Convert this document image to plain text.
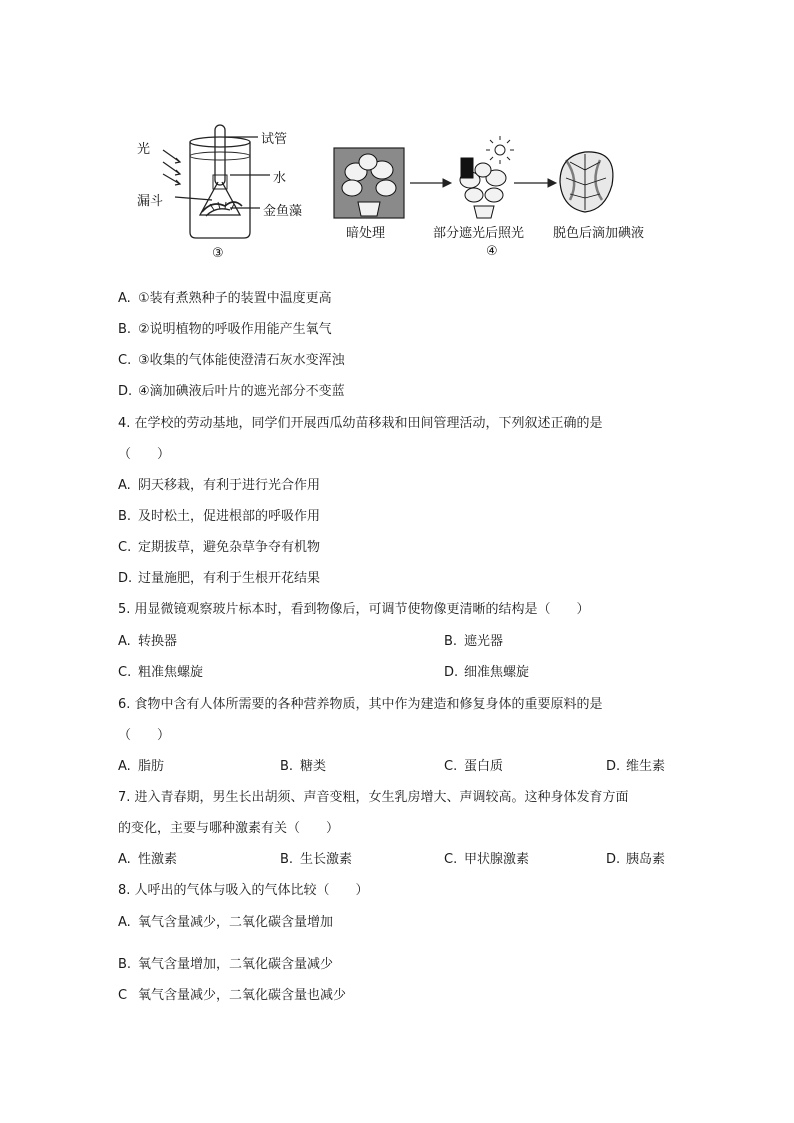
光
试管
水
漏斗
金鱼藻
③
暗处理	部分遮光后照光 脱色后滴加碘液
④
A. ①装有煮熟种子的装置中温度更高
B. ②说明植物的呼吸作用能产生氧气
C. ③收集的气体能使澄清石灰水变浑浊
D. ④滴加碘液后叶片的遮光部分不变蓝
4. 在学校的劳动基地，同学们开展西瓜幼苗移栽和田间管理活动，下列叙述正确的是
（　　）
A. 阴天移栽，有利于进行光合作用
B. 及时松土，促进根部的呼吸作用
C. 定期拔草，避免杂草争夺有机物
D. 过量施肥，有利于生根开花结果
5. 用显微镜观察玻片标本时，看到物像后，可调节使物像更清晰的结构是（　　）
A. 转换器	B. 遮光器
C. 粗准焦螺旋	D. 细准焦螺旋
6. 食物中含有人体所需要的各种营养物质，其中作为建造和修复身体的重要原料的是
（　　）
A. 脂肪	B. 糖类	C. 蛋白质	D. 维生素
7. 进入青春期，男生长出胡须、声音变粗，女生乳房增大、声调较高。这种身体发育方面
的变化，主要与哪种激素有关（　　）
A. 性激素	B. 生长激素	C. 甲状腺激素	D. 胰岛素
8. 人呼出的气体与吸入的气体比较（　　）
A. 氧气含量减少，二氧化碳含量增加
B. 氧气含量增加，二氧化碳含量减少
C 氧气含量减少，二氧化碳含量也减少
